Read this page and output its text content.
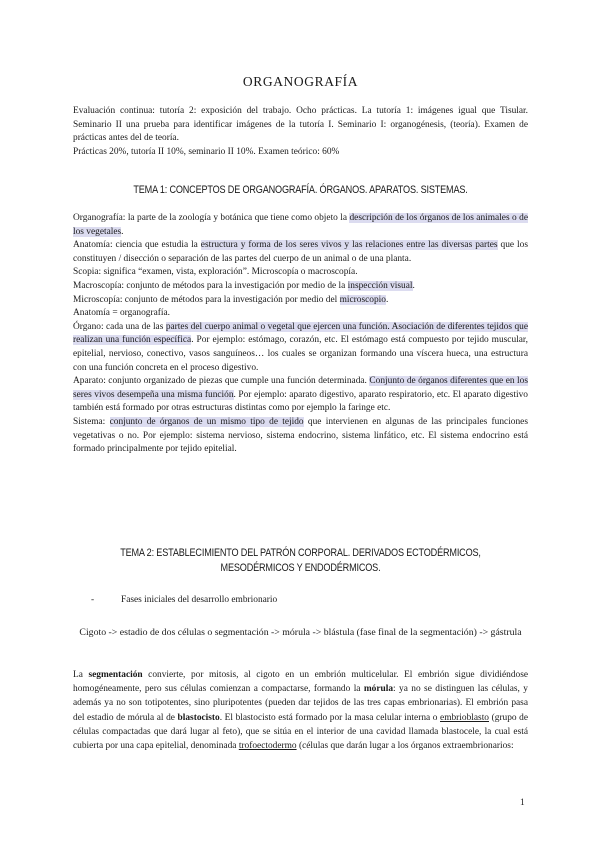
ORGANOGRAFÍA

Evaluación continua: tutoría 2: exposición del trabajo. Ocho prácticas. La tutoría 1: imágenes igual que Tisular. Seminario II una prueba para identificar imágenes de la tutoría I. Seminario I: organogénesis, (teoría). Examen de prácticas antes del de teoría.

Prácticas 20%, tutoría II 10%, seminario II 10%. Examen teórico: 60%

TEMA 1: CONCEPTOS DE ORGANOGRAFÍA. ÓRGANOS. APARATOS. SISTEMAS.

Organografía: la parte de la zoología y botánica que tiene como objeto la descripción de los órganos de los animales o de los vegetales.

Anatomía: ciencia que estudia la estructura y forma de los seres vivos y las relaciones entre las diversas partes que los constituyen / disección o separación de las partes del cuerpo de un animal o de una planta.

Scopia: significa “examen, vista, exploración”. Microscopía o macroscopía.

Macroscopía: conjunto de métodos para la investigación por medio de la inspección visual.

Microscopía: conjunto de métodos para la investigación por medio del microscopio.

Anatomía = organografía.

Órgano: cada una de las partes del cuerpo animal o vegetal que ejercen una función. Asociación de diferentes tejidos que realizan una función específica. Por ejemplo: estómago, corazón, etc. El estómago está compuesto por tejido muscular, epitelial, nervioso, conectivo, vasos sanguíneos… los cuales se organizan formando una víscera hueca, una estructura con una función concreta en el proceso digestivo.

Aparato: conjunto organizado de piezas que cumple una función determinada. Conjunto de órganos diferentes que en los seres vivos desempeña una misma función. Por ejemplo: aparato digestivo, aparato respiratorio, etc. El aparato digestivo también está formado por otras estructuras distintas como por ejemplo la faringe etc.

Sistema: conjunto de órganos de un mismo tipo de tejido que intervienen en algunas de las principales funciones vegetativas o no. Por ejemplo: sistema nervioso, sistema endocrino, sistema linfático, etc. El sistema endocrino está formado principalmente por tejido epitelial.

TEMA 2: ESTABLECIMIENTO DEL PATRÓN CORPORAL. DERIVADOS ECTODÉRMICOS, MESODÉRMICOS Y ENDODÉRMICOS.
-	Fases iniciales del desarrollo embrionario
Cigoto -> estadio de dos células o segmentación -> mórula -> blástula (fase final de la segmentación) -> gástrula

La segmentación convierte, por mitosis, al cigoto en un embrión multicelular. El embrión sigue dividiéndose homogéneamente, pero sus células comienzan a compactarse, formando la mórula: ya no se distinguen las células, y además ya no son totipotentes, sino pluripotentes (pueden dar tejidos de las tres capas embrionarias). El embrión pasa del estadio de mórula al de blastocisto. El blastocisto está formado por la masa celular interna o embrioblasto (grupo de células compactadas que dará lugar al feto), que se sitúa en el interior de una cavidad llamada blastocele, la cual está cubierta por una capa epitelial, denominada trofoectodermo (células que darán lugar a los órganos extraembrionarios:

1
